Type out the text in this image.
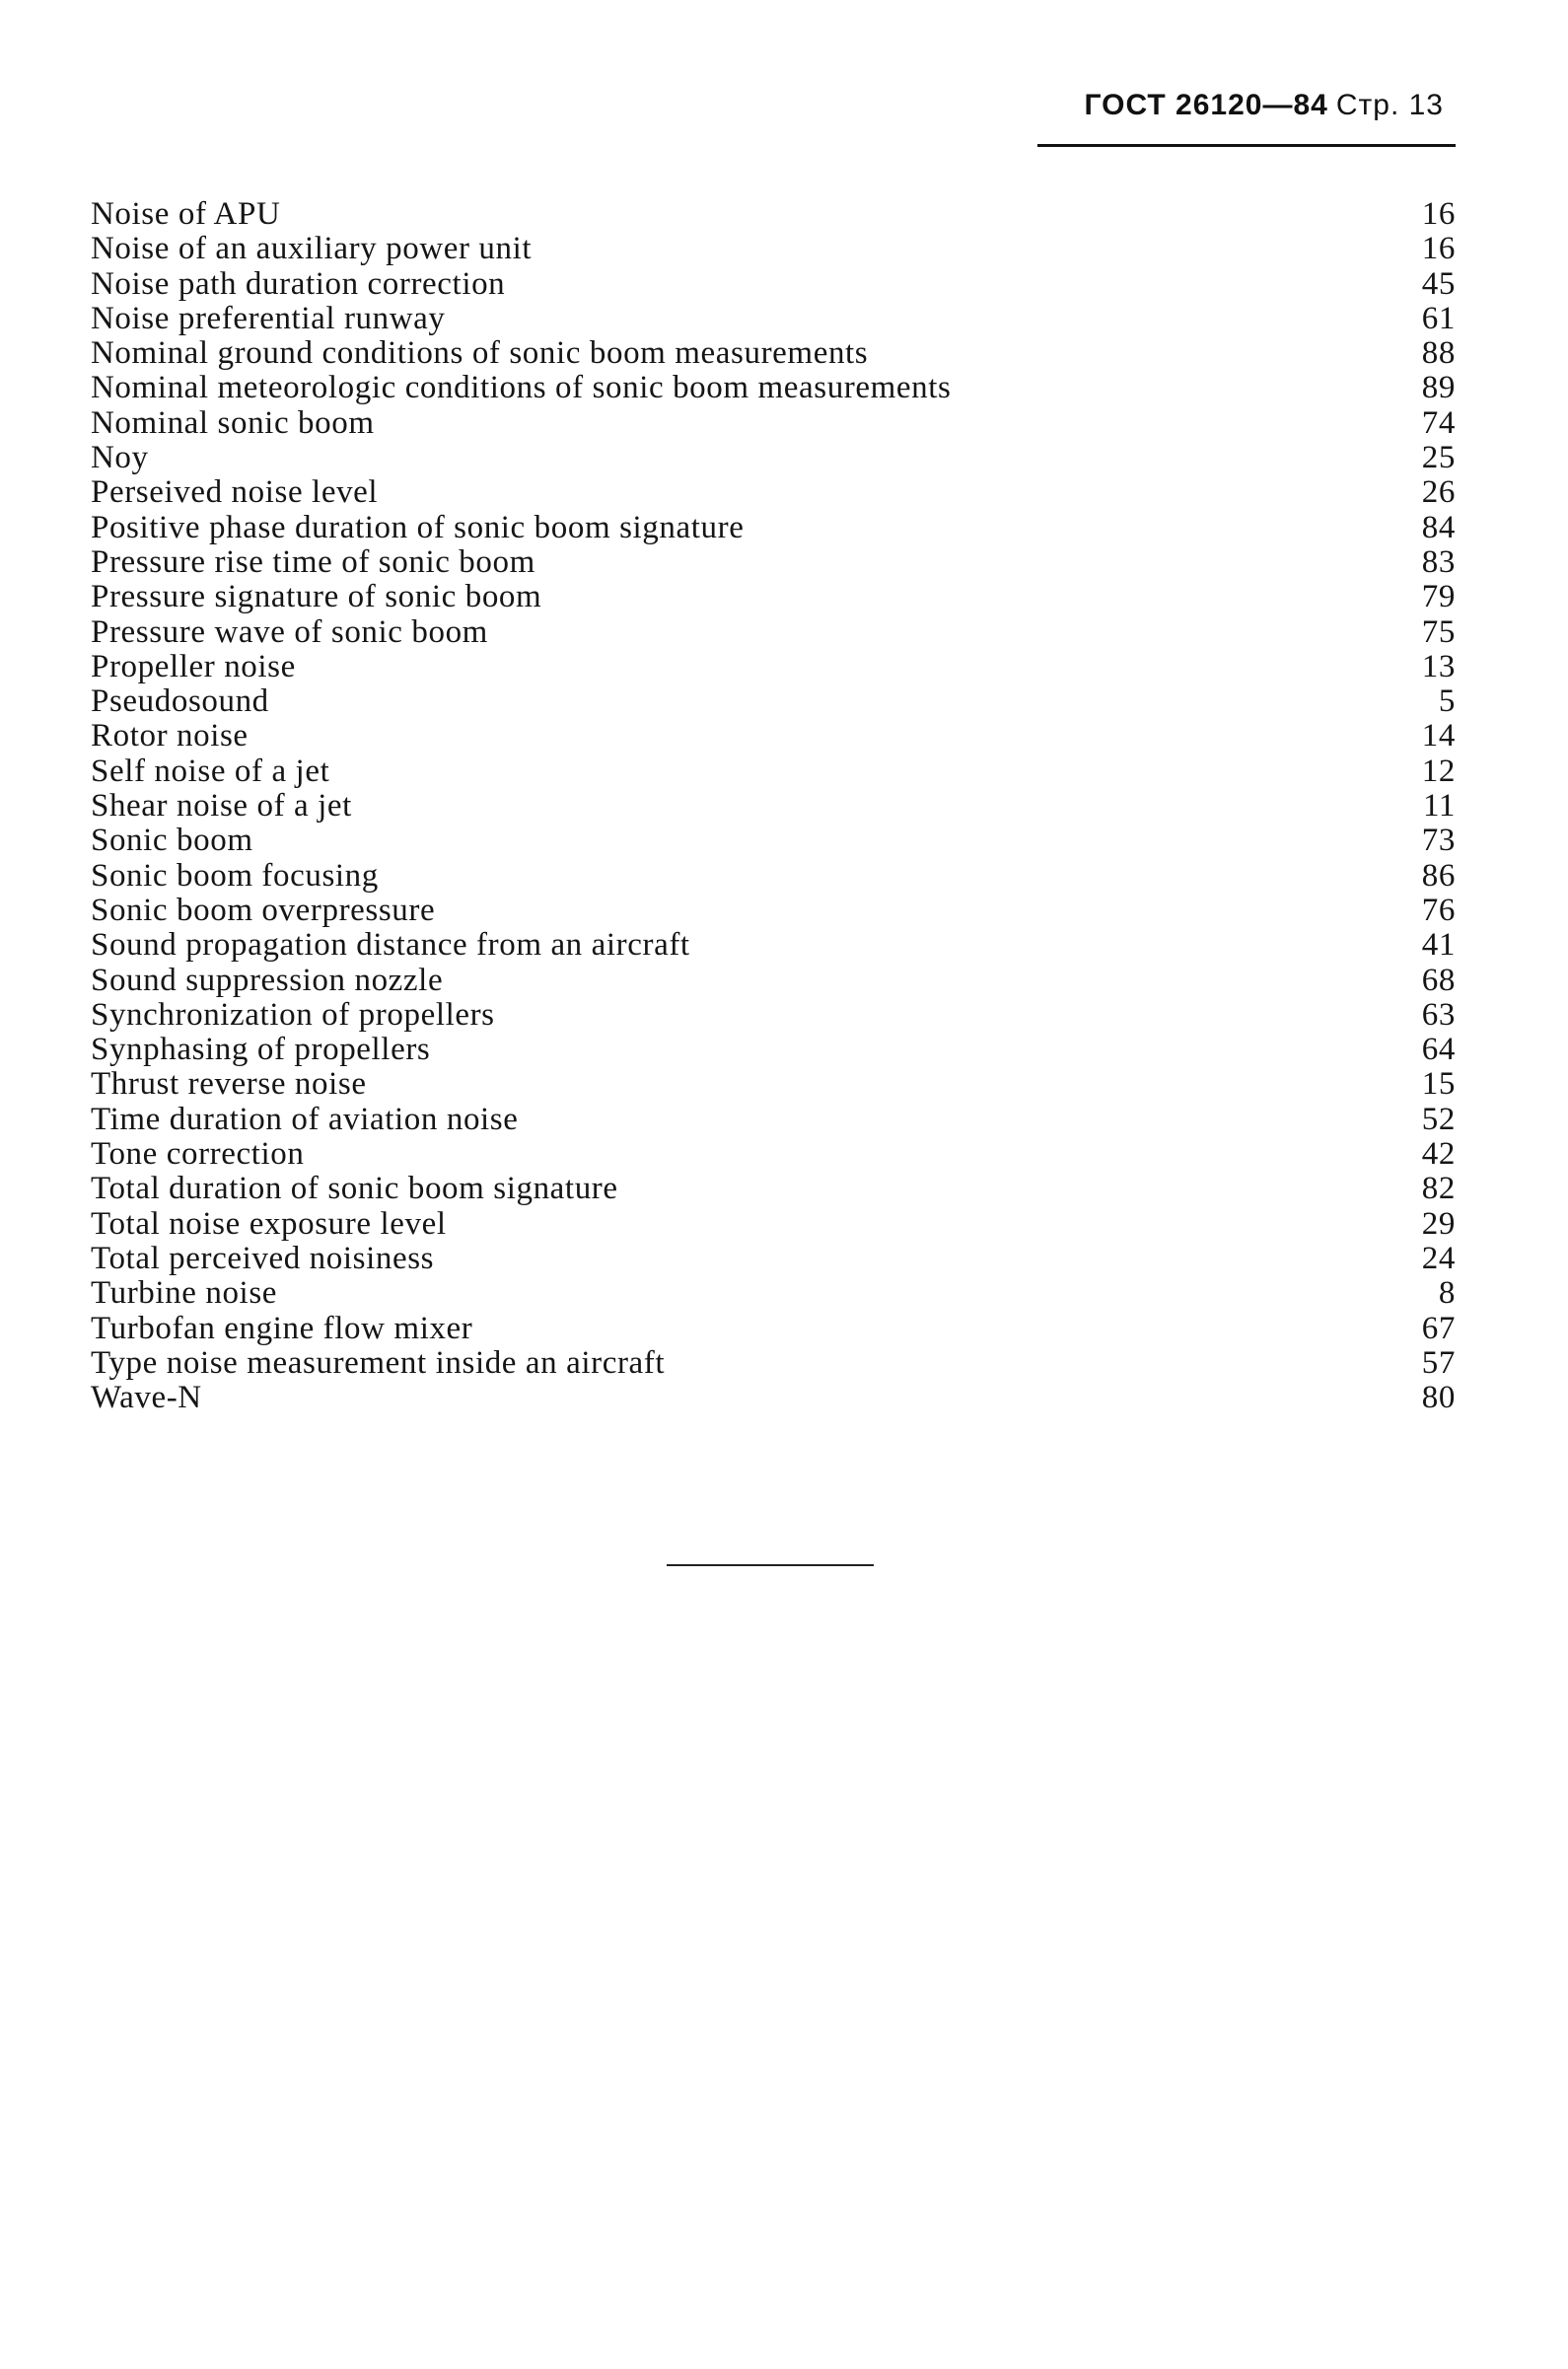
ГОСТ 26120—84 Стр. 13
Noise of APU	16
Noise of an auxiliary power unit	16
Noise path duration correction	45
Noise preferential runway	61
Nominal ground conditions of sonic boom measurements	88
Nominal meteorologic conditions of sonic boom measurements	89
Nominal sonic boom	74
Noy	25
Perseived noise level	26
Positive phase duration of sonic boom signature	84
Pressure rise time of sonic boom	83
Pressure signature of sonic boom	79
Pressure wave of sonic boom	75
Propeller noise	13
Pseudosound	5
Rotor noise	14
Self noise of a jet	12
Shear noise of a jet	11
Sonic boom	73
Sonic boom focusing	86
Sonic boom overpressure	76
Sound propagation distance from an aircraft	41
Sound suppression nozzle	68
Synchronization of propellers	63
Synphasing of propellers	64
Thrust reverse noise	15
Time duration of aviation noise	52
Tone correction	42
Total duration of sonic boom signature	82
Total noise exposure level	29
Total perceived noisiness	24
Turbine noise	8
Turbofan engine flow mixer	67
Type noise measurement inside an aircraft	57
Wave-N	80
